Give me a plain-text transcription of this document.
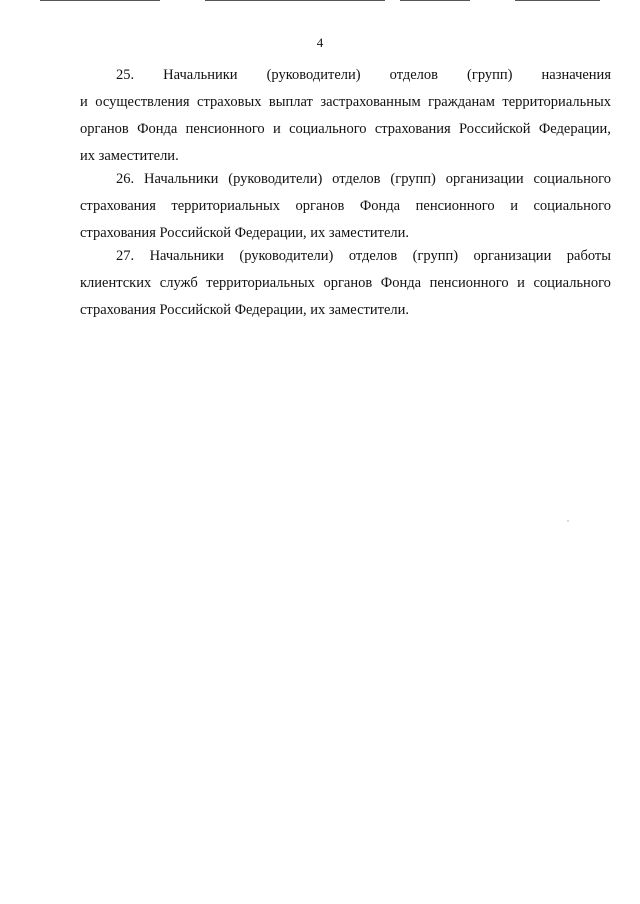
4
25. Начальники (руководители) отделов (групп) назначения
и осуществления страховых выплат застрахованным гражданам территориальных
органов Фонда пенсионного и социального страхования Российской Федерации,
их заместители.
26. Начальники (руководители) отделов (групп) организации социального
страхования территориальных органов Фонда пенсионного и социального
страхования Российской Федерации, их заместители.
27. Начальники (руководители) отделов (групп) организации работы
клиентских служб территориальных органов Фонда пенсионного и социального
страхования Российской Федерации, их заместители.
